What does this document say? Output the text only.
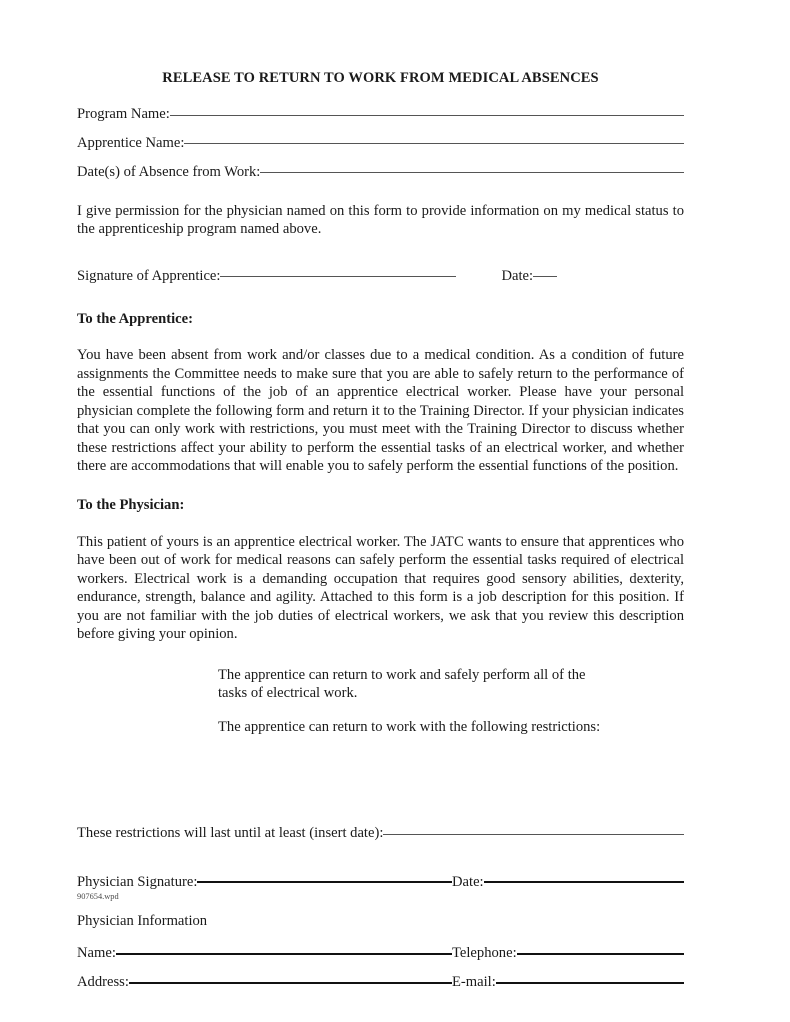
RELEASE TO RETURN TO WORK FROM MEDICAL ABSENCES
Program Name:
Apprentice Name:
Date(s) of Absence from Work:

I give permission for the physician named on this form to provide information on my medical status to the apprenticeship program named above.

Signature of Apprentice:	Date:
To the Apprentice:

You have been absent from work and/or classes due to a medical condition. As a condition of future assignments the Committee needs to make sure that you are able to safely return to the performance of the essential functions of the job of an apprentice electrical worker. Please have your personal physician complete the following form and return it to the Training Director. If your physician indicates that you can only work with restrictions, you must meet with the Training Director to discuss whether these restrictions affect your ability to perform the essential tasks of an electrical worker, and whether there are accommodations that will enable you to safely perform the essential functions of the position.

To the Physician:

This patient of yours is an apprentice electrical worker. The JATC wants to ensure that apprentices who have been out of work for medical reasons can safely perform the essential tasks required of electrical workers. Electrical work is a demanding occupation that requires good sensory abilities, dexterity, endurance, strength, balance and agility. Attached to this form is a job description for this position. If you are not familiar with the job duties of electrical workers, we ask that you review this description before giving your opinion.

The apprentice can return to work and safely perform all of the tasks of electrical work.

The apprentice can return to work with the following restrictions:

These restrictions will last until at least (insert date):
Physician Signature:	Date:
Physician Information
Name:	Telephone:
Address:	E-mail:
907654.wpd
